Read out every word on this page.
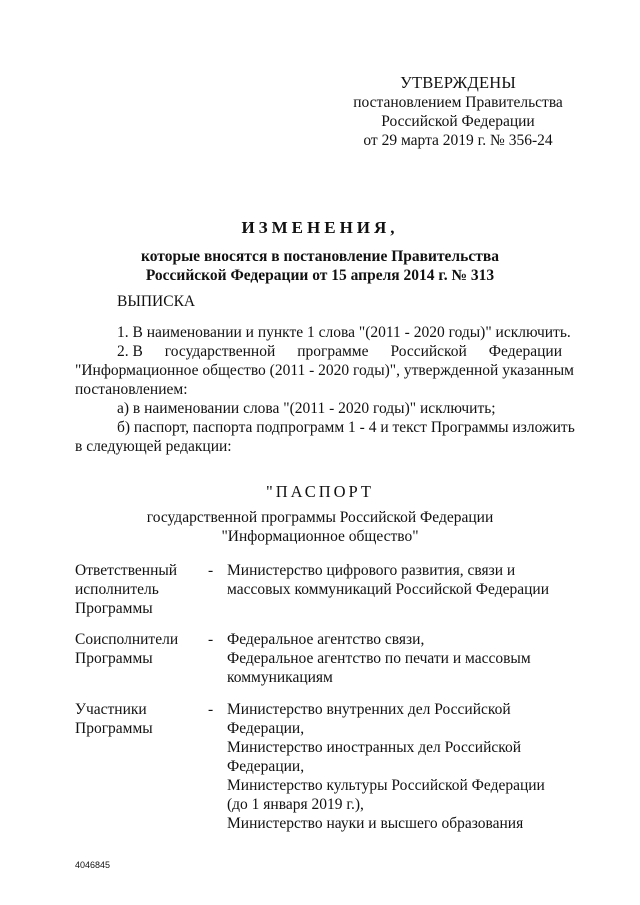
УТВЕРЖДЕНЫ
постановлением Правительства
Российской Федерации
от 29 марта 2019 г. № 356-24
ИЗМЕНЕНИЯ,
которые вносятся в постановление Правительства
Российской Федерации от 15 апреля 2014 г. № 313
ВЫПИСКА
1. В наименовании и пункте 1 слова "(2011 - 2020 годы)" исключить.
2. В государственной программе Российской Федерации
"Информационное общество (2011 - 2020 годы)", утвержденной указанным
постановлением:
а) в наименовании слова "(2011 - 2020 годы)" исключить;
б) паспорт, паспорта подпрограмм 1 - 4 и текст Программы изложить
в следующей редакции:
"ПАСПОРТ
государственной программы Российской Федерации
"Информационное общество"
Ответственный
исполнитель
Программы
- Министерство цифрового развития, связи и
массовых коммуникаций Российской Федерации
Соисполнители
Программы
- Федеральное агентство связи,
Федеральное агентство по печати и массовым
коммуникациям
Участники
Программы
- Министерство внутренних дел Российской
Федерации,
Министерство иностранных дел Российской
Федерации,
Министерство культуры Российской Федерации
(до 1 января 2019 г.),
Министерство науки и высшего образования
4046845
